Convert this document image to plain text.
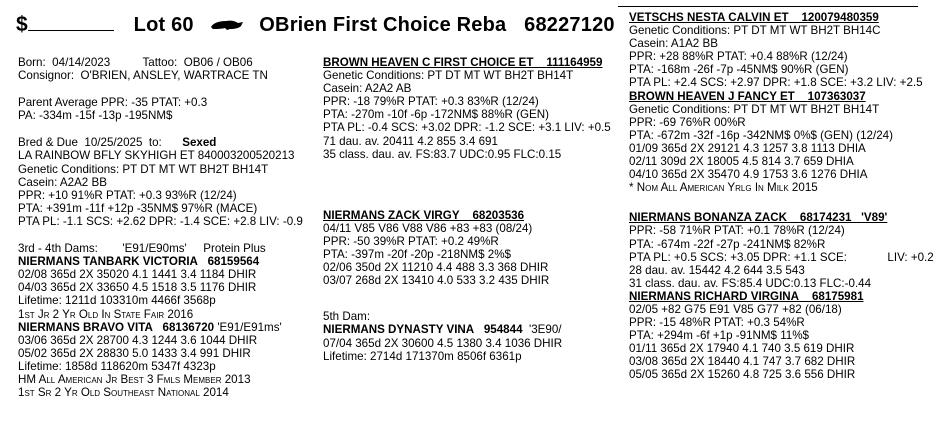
$	Lot 60	OBrien First Choice Reba 68227120
Born: 04/14/2023	Tattoo: OB06 / OB06
Consignor: O'BRIEN, ANSLEY, WARTRACE TN
Parent Average PPR: -35 PTAT: +0.3
PA: -334m -15f -13p -195NM$
Bred & Due 10/25/2025 to: Sexed
LA RAINBOW BFLY SKYHIGH ET 840003200520213
Genetic Conditions: PT DT MT WT BH2T BH14T
Casein: A2A2 BB
PPR: +10 91%R PTAT: +0.3 93%R (12/24)
PTA: +391m -11f +12p -35NM$ 97%R (MACE)
PTA PL: -1.1 SCS: +2.62 DPR: -1.4 SCE: +2.8 LIV: -0.9
3rd - 4th Dams: 'E91/E90ms' Protein Plus
NIERMANS TANBARK VICTORIA 68159564
02/08 365d 2X 35020 4.1 1441 3.4 1184 DHIR
04/03 365d 2X 33650 4.5 1518 3.5 1176 DHIR
Lifetime: 1211d 103310m 4466f 3568p
1st Jr 2 Yr Old In State Fair 2016
NIERMANS BRAVO VITA 68136720 'E91/E91ms'
03/06 365d 2X 28700 4.3 1244 3.6 1044 DHIR
05/02 365d 2X 28830 5.0 1433 3.4 991 DHIR
Lifetime: 1858d 118620m 5347f 4323p
HM All American Jr Best 3 Fmls Member 2013
1st Sr 2 Yr Old Southeast National 2014
BROWN HEAVEN C FIRST CHOICE ET 111164959
Genetic Conditions: PT DT MT WT BH2T BH14T
Casein: A2A2 AB
PPR: -18 79%R PTAT: +0.3 83%R (12/24)
PTA: -270m -10f -6p -172NM$ 88%R (GEN)
PTA PL: -0.4 SCS: +3.02 DPR: -1.2 SCE: +3.1 LIV: +0.5
71 dau. av. 20411 4.2 855 3.4 691
35 class. dau. av. FS:83.7 UDC:0.95 FLC:0.15
NIERMANS ZACK VIRGY 68203536
04/11 V85 V86 V88 V86 +83 +83 (08/24)
PPR: -50 39%R PTAT: +0.2 49%R
PTA: -397m -20f -20p -218NM$ 2%$
02/06 350d 2X 11210 4.4 488 3.3 368 DHIR
03/07 268d 2X 13410 4.0 533 3.2 435 DHIR
5th Dam:
NIERMANS DYNASTY VINA 954844 '3E90/
07/04 365d 2X 30600 4.5 1380 3.4 1036 DHIR
Lifetime: 2714d 171370m 8506f 6361p
VETSCHS NESTA CALVIN ET 120079480359
Genetic Conditions: PT DT MT WT BH2T BH14C
Casein: A1A2 BB
PPR: +28 88%R PTAT: +0.4 88%R (12/24)
PTA: -168m -26f -7p -45NM$ 90%R (GEN)
PTA PL: +2.4 SCS: +2.97 DPR: +1.8 SCE: +3.2 LIV: +2.5
BROWN HEAVEN J FANCY ET 107363037
Genetic Conditions: PT DT MT WT BH2T BH14T
PPR: -69 76%R 00%R
PTA: -672m -32f -16p -342NM$ 0%$ (GEN) (12/24)
01/09 365d 2X 29121 4.3 1257 3.8 1113 DHIA
02/11 309d 2X 18005 4.5 814 3.7 659 DHIA
04/10 365d 2X 35470 4.9 1753 3.6 1276 DHIA
* Nom All American Yrlg In Milk 2015
NIERMANS BONANZA ZACK 68174231 'V89'
PPR: -58 71%R PTAT: +0.1 78%R (12/24)
PTA: -674m -22f -27p -241NM$ 82%R
PTA PL: +0.5 SCS: +3.05 DPR: +1.1 SCE:	LIV: +0.2
28 dau. av. 15442 4.2 644 3.5 543
31 class. dau. av. FS:85.4 UDC:0.13 FLC:-0.44
NIERMANS RICHARD VIRGINA 68175981
02/05 +82 G75 E91 V85 G77 +82 (06/18)
PPR: -15 48%R PTAT: +0.3 54%R
PTA: +294m -6f +1p -91NM$ 11%$
01/11 365d 2X 17940 4.1 740 3.5 619 DHIR
03/08 365d 2X 18440 4.1 747 3.7 682 DHIR
05/05 365d 2X 15260 4.8 725 3.6 556 DHIR
